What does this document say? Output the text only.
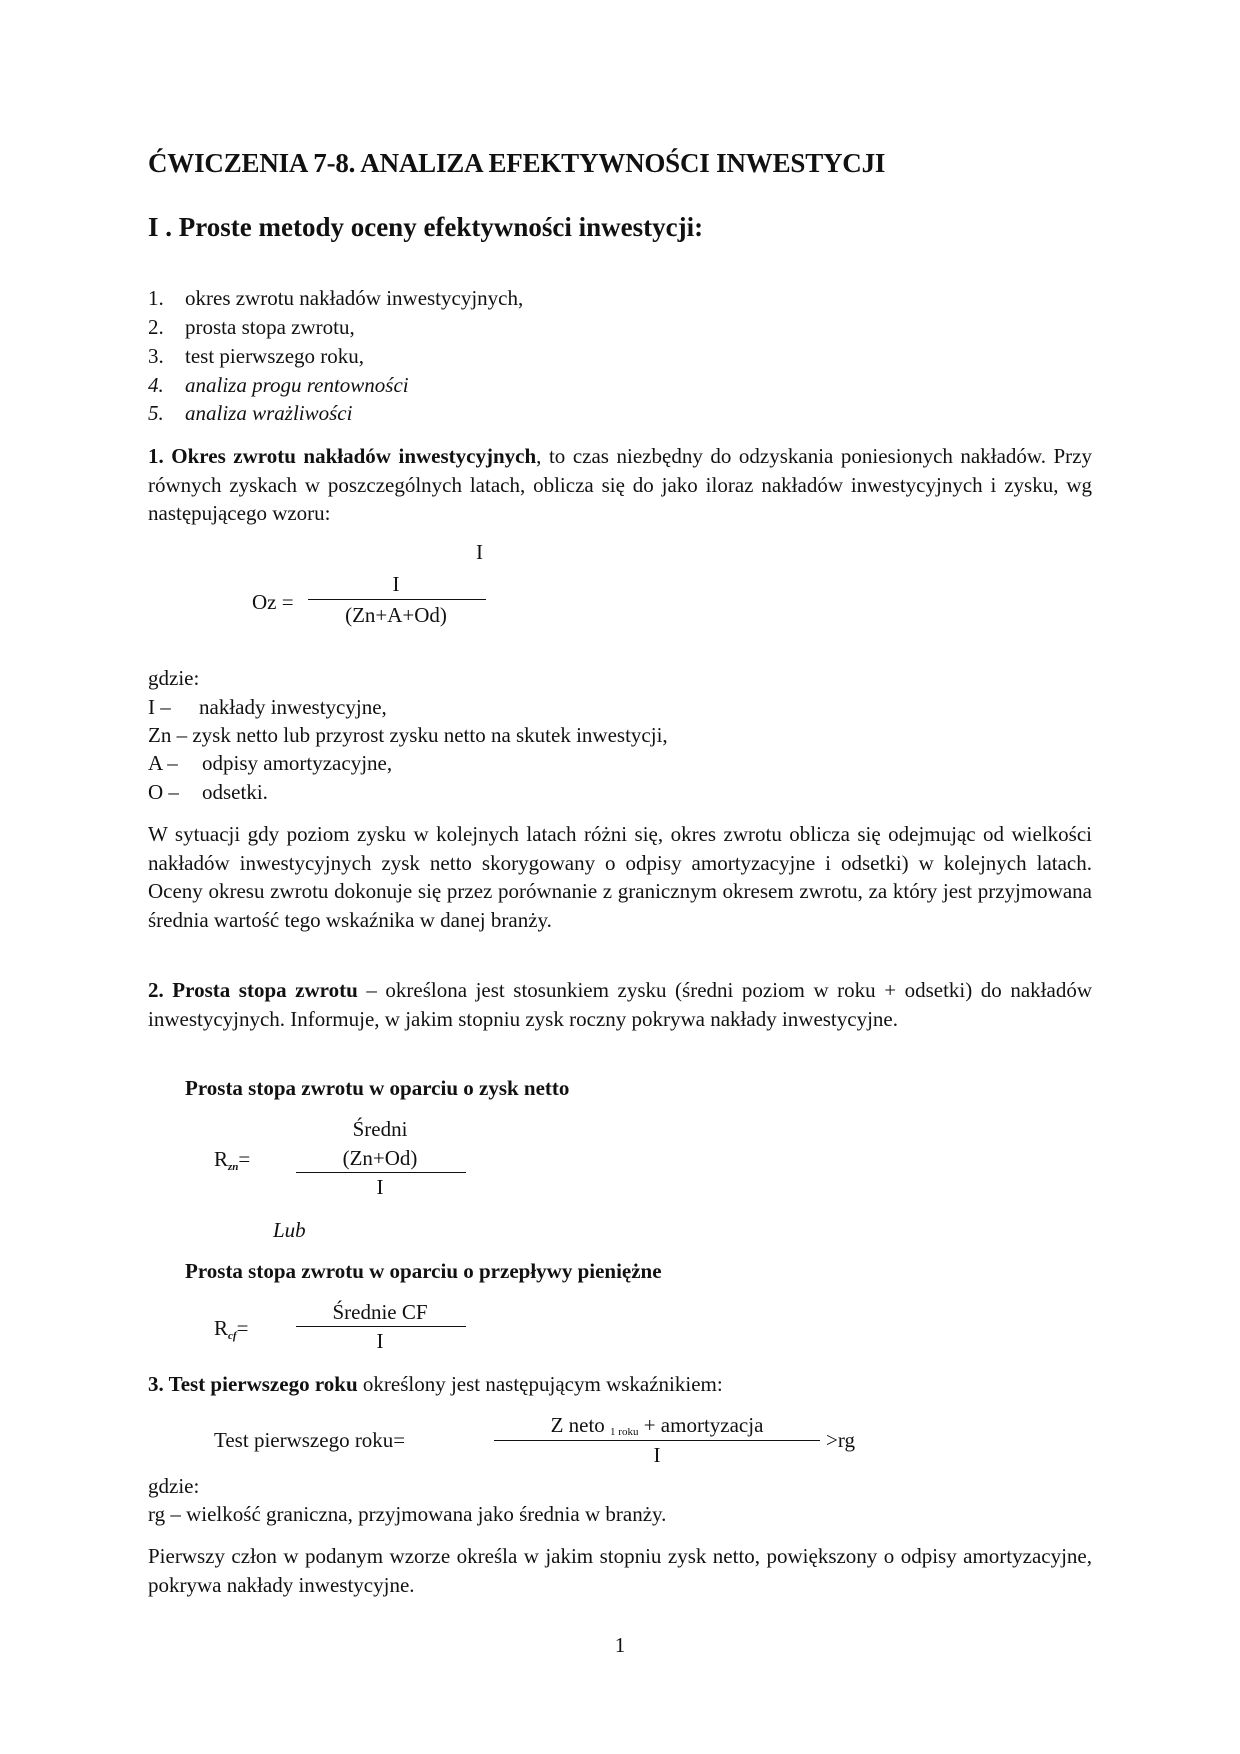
ĆWICZENIA 7-8. ANALIZA EFEKTYWNOŚCI INWESTYCJI
I . Proste metody oceny efektywności inwestycji:
1. okres zwrotu nakładów inwestycyjnych,
2. prosta stopa zwrotu,
3. test pierwszego roku,
4. analiza progu rentowności
5. analiza wrażliwości
1. Okres zwrotu nakładów inwestycyjnych, to czas niezbędny do odzyskania poniesionych nakładów. Przy równych zyskach w poszczególnych latach, oblicza się do jako iloraz nakładów inwestycyjnych i zysku, wg następującego wzoru:
I
Oz =
I
(Zn+A+Od)
gdzie:
I – nakłady inwestycyjne,
Zn – zysk netto lub przyrost zysku netto na skutek inwestycji,
A – odpisy amortyzacyjne,
O – odsetki.
W sytuacji gdy poziom zysku w kolejnych latach różni się, okres zwrotu oblicza się odejmując od wielkości nakładów inwestycyjnych zysk netto skorygowany o odpisy amortyzacyjne i odsetki) w kolejnych latach. Oceny okresu zwrotu dokonuje się przez porównanie z granicznym okresem zwrotu, za który jest przyjmowana średnia wartość tego wskaźnika w danej branży.
2. Prosta stopa zwrotu – określona jest stosunkiem zysku (średni poziom w roku + odsetki) do nakładów inwestycyjnych. Informuje, w jakim stopniu zysk roczny pokrywa nakłady inwestycyjne.
Prosta stopa zwrotu w oparciu o zysk netto
Rzn=
Średni
(Zn+Od)
I
Lub
Prosta stopa zwrotu w oparciu o przepływy pieniężne
Rcf=
Średnie CF
I
3. Test pierwszego roku określony jest następującym wskaźnikiem:
Test pierwszego roku=
Z neto 1 roku + amortyzacja
I
>rg
gdzie:
rg – wielkość graniczna, przyjmowana jako średnia w branży.
Pierwszy człon w podanym wzorze określa w jakim stopniu zysk netto, powiększony o odpisy amortyzacyjne, pokrywa nakłady inwestycyjne.
1
